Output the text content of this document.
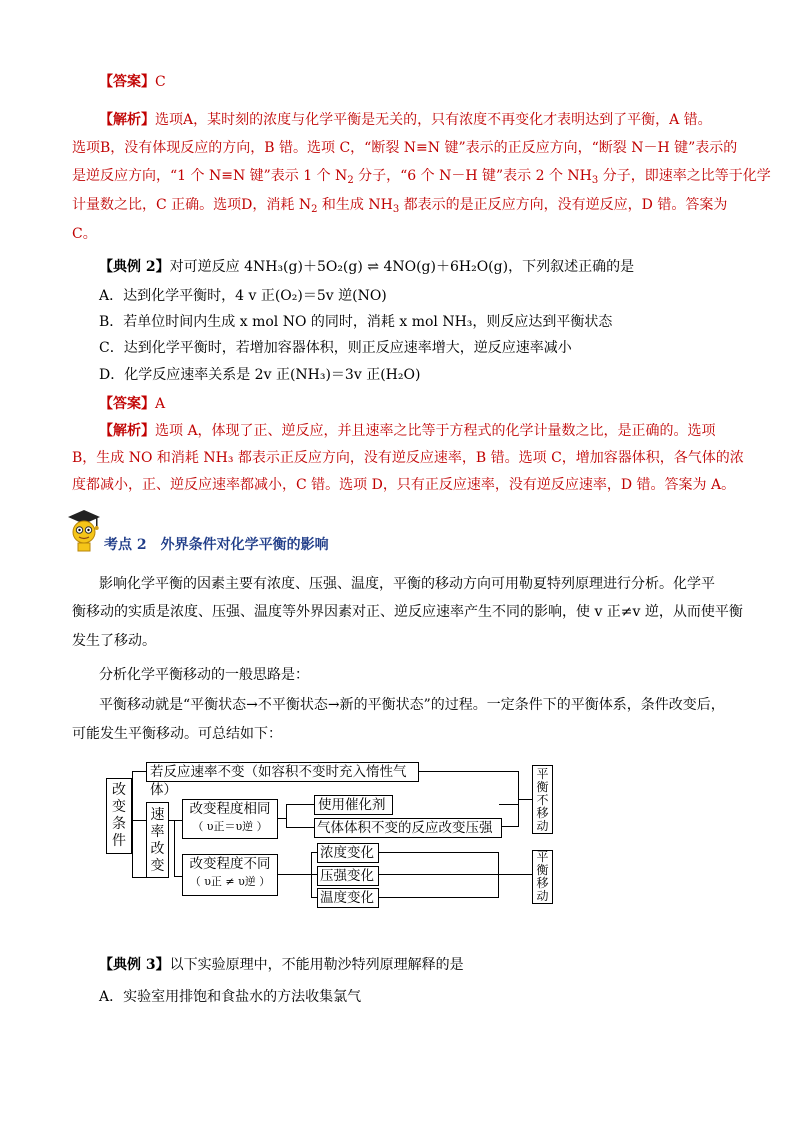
【答案】C
【解析】选项A，某时刻的浓度与化学平衡是无关的，只有浓度不再变化才表明达到了平衡，A 错。
选项B，没有体现反应的方向，B 错。选项 C，“断裂 N≡N 键”表示的正反应方向，“断裂 N－H 键”表示的
是逆反应方向，“1 个 N≡N 键”表示 1 个 $N_2$ 分子，“6 个 N－H 键”表示 2 个 $NH_3$ 分子，即速率之比等于化学
计量数之比，C 正确。选项D，消耗 $N_2$ 和生成 $NH_3$ 都表示的是正反应方向，没有逆反应，D 错。答案为
C。
【典例 2】对可逆反应 4NH₃(g)＋5O₂(g) ⇌ 4NO(g)＋6H₂O(g)，下列叙述正确的是
A．达到化学平衡时，4 v 正(O₂)＝5v 逆(NO)
B．若单位时间内生成 x mol NO 的同时，消耗 x mol NH₃，则反应达到平衡状态
C．达到化学平衡时，若增加容器体积，则正反应速率增大，逆反应速率减小
D．化学反应速率关系是 2v 正(NH₃)＝3v 正(H₂O)
【答案】A
【解析】选项 A，体现了正、逆反应，并且速率之比等于方程式的化学计量数之比，是正确的。选项
B，生成 NO 和消耗 NH₃ 都表示正反应方向，没有逆反应速率，B 错。选项 C，增加容器体积，各气体的浓
度都减小，正、逆反应速率都减小，C 错。选项 D，只有正反应速率，没有逆反应速率，D 错。答案为 A。
考点 2　外界条件对化学平衡的影响
影响化学平衡的因素主要有浓度、压强、温度，平衡的移动方向可用勒夏特列原理进行分析。化学平
衡移动的实质是浓度、压强、温度等外界因素对正、逆反应速率产生不同的影响，使 v 正≠v 逆，从而使平衡
发生了移动。
分析化学平衡移动的一般思路是：
平衡移动就是“平衡状态→不平衡状态→新的平衡状态”的过程。一定条件下的平衡体系，条件改变后，
可能发生平衡移动。可总结如下：
改变条件
若反应速率不变（如容积不变时充入惰性气体）
速率改变
改变程度相同
（ υ正＝υ逆 ）
改变程度不同
（ υ正 ≠ υ逆 ）
使用催化剂
气体体积不变的反应改变压强
浓度变化
压强变化
温度变化
平衡不移动
平衡移动
【典例 3】以下实验原理中，不能用勒沙特列原理解释的是
A．实验室用排饱和食盐水的方法收集氯气
